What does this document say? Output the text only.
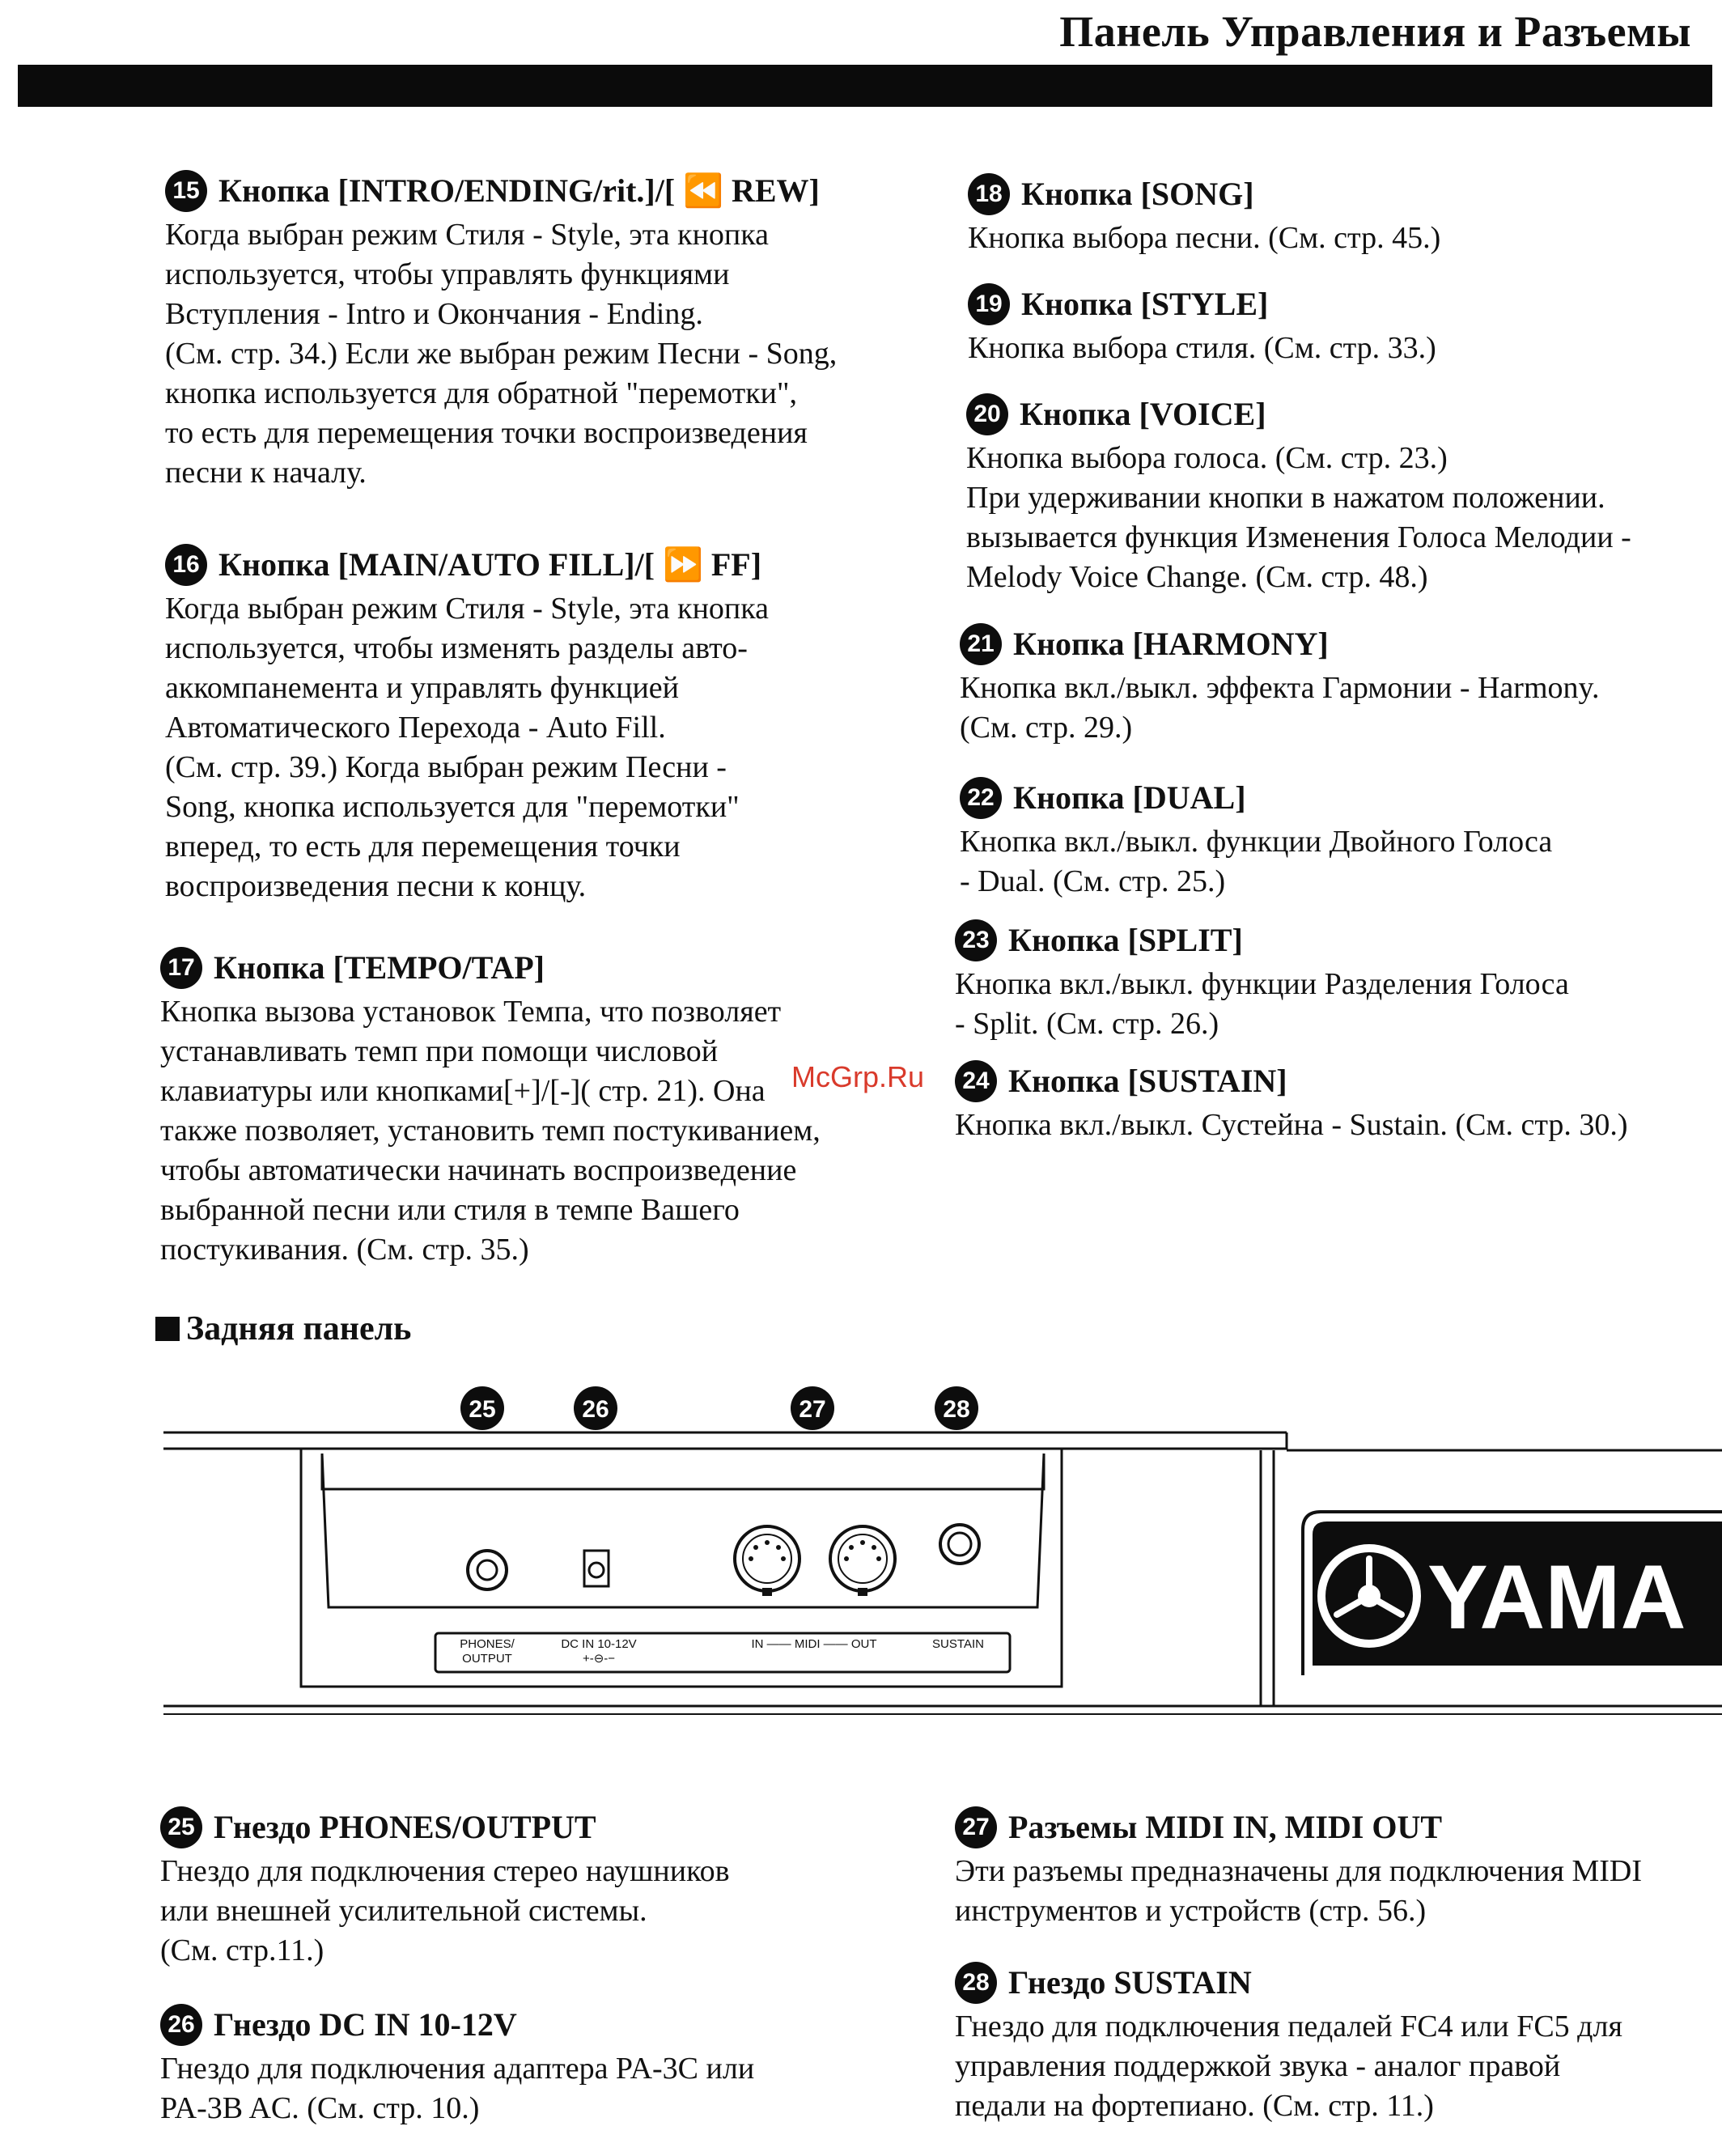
Панель Управления и Разъемы
15 Кнопка [INTRO/ENDING/rit.]/[ ⏪ REW]
Когда выбран режим Стиля - Style, эта кнопка
используется, чтобы управлять функциями
Вступления - Intro и Окончания - Ending.
(См. стр. 34.) Если же выбран режим Песни - Song,
кнопка используется для обратной "перемотки",
то есть для перемещения точки воспроизведения
песни к началу.
16 Кнопка [MAIN/AUTO FILL]/[ ⏩ FF]
Когда выбран режим Стиля - Style, эта кнопка
используется, чтобы изменять разделы авто-
аккомпанемента и управлять функцией
Автоматического Перехода - Auto Fill.
(См. стр. 39.) Когда выбран режим Песни -
Song, кнопка используется для "перемотки"
вперед, то есть для перемещения точки
воспроизведения песни к концу.
17 Кнопка [TEMPO/TAP]
Кнопка вызова установок Темпа, что позволяет
устанавливать темп при помощи числовой
клавиатуры или кнопками[+]/[-]( стр. 21). Она
также позволяет, установить темп постукиванием,
чтобы автоматически начинать воспроизведение
выбранной песни или стиля в темпе Вашего
постукивания. (См. стр. 35.)
18 Кнопка [SONG]
Кнопка выбора песни. (См. стр. 45.)
19 Кнопка [STYLE]
Кнопка выбора стиля. (См. стр. 33.)
20 Кнопка [VOICE]
Кнопка выбора голоса. (См. стр. 23.)
При удерживании кнопки в нажатом положении.
вызывается функция Изменения Голоса Мелодии -
Melody Voice Change. (См. стр. 48.)
21 Кнопка [HARMONY]
Кнопка вкл./выкл. эффекта Гармонии - Harmony.
(См. стр. 29.)
22 Кнопка [DUAL]
Кнопка вкл./выкл. функции Двойного Голоса
- Dual. (См. стр. 25.)
23 Кнопка [SPLIT]
Кнопка вкл./выкл. функции Разделения Голоса
- Split. (См. стр. 26.)
24 Кнопка [SUSTAIN]
Кнопка вкл./выкл. Сустейна - Sustain. (См. стр. 30.)
McGrp.Ru
Задняя панель
25	26	27	28
PHONES/
OUTPUT
DC IN 10-12V
+-⊖-−
IN —— MIDI —— OUT	SUSTAIN	YAMA
25 Гнездо PHONES/OUTPUT
Гнездо для подключения стерео наушников
или внешней усилительной системы.
(См. стр.11.)
26 Гнездо DC IN 10-12V
Гнездо для подключения адаптера PA-3C или
PA-3B AC. (См. стр. 10.)
27 Разъемы MIDI IN, MIDI OUT
Эти разъемы предназначены для подключения MIDI
инструментов и устройств (стр. 56.)
28 Гнездо SUSTAIN
Гнездо для подключения педалей FC4 или FC5 для
управления поддержкой звука - аналог правой
педали на фортепиано. (См. стр. 11.)
